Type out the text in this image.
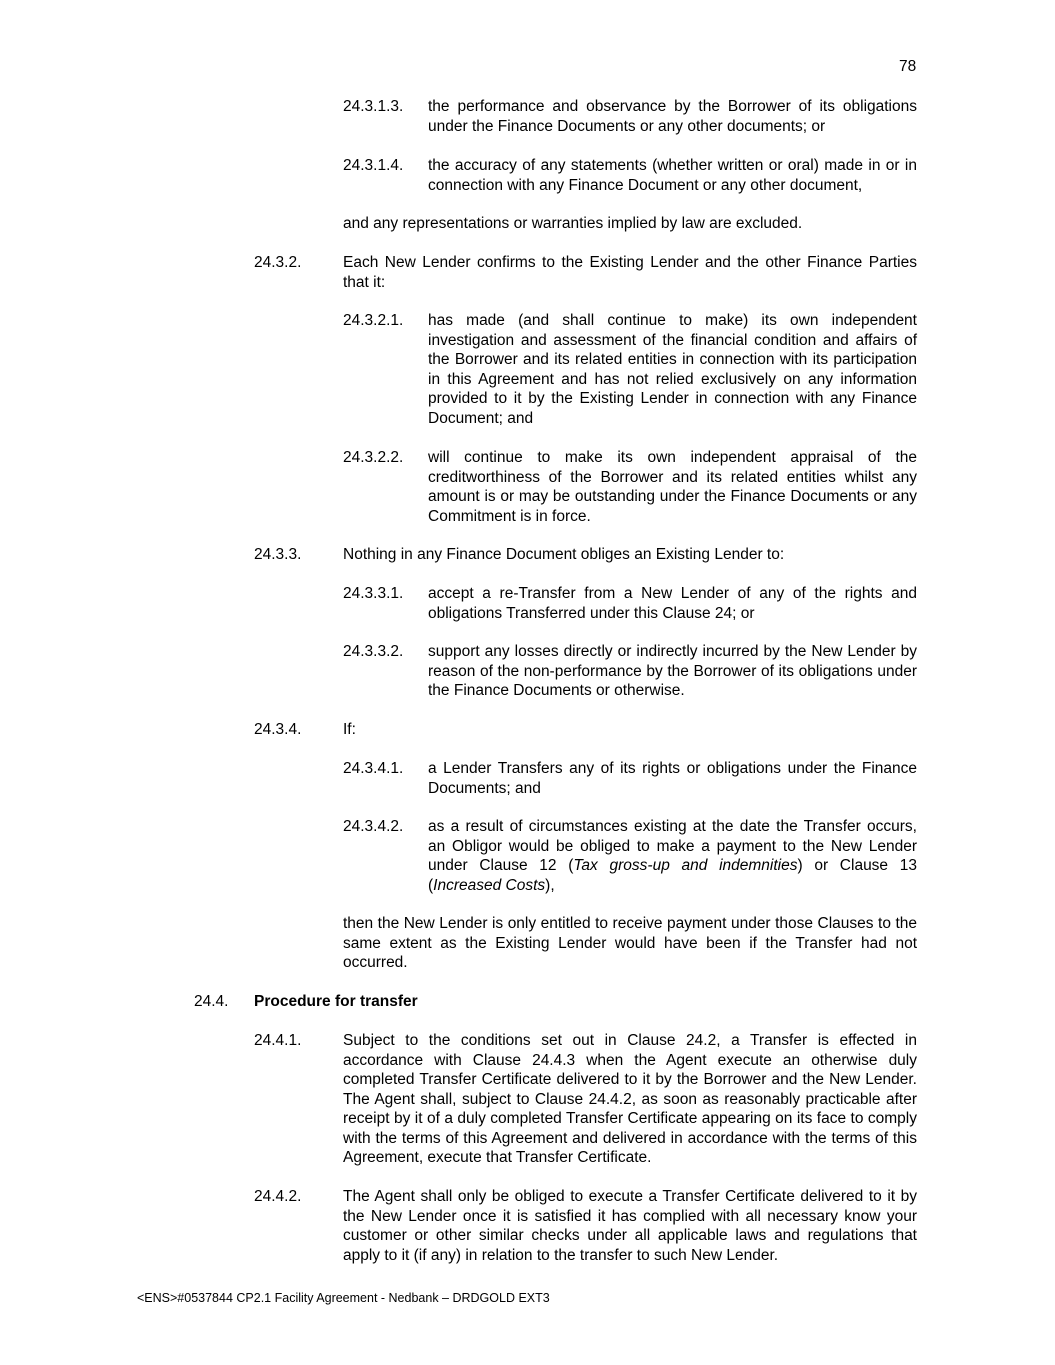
78
24.3.1.3. the performance and observance by the Borrower of its obligations under the Finance Documents or any other documents; or
24.3.1.4. the accuracy of any statements (whether written or oral) made in or in connection with any Finance Document or any other document,
and any representations or warranties implied by law are excluded.
24.3.2.	Each New Lender confirms to the Existing Lender and the other Finance Parties that it:
24.3.2.1. has made (and shall continue to make) its own independent investigation and assessment of the financial condition and affairs of the Borrower and its related entities in connection with its participation in this Agreement and has not relied exclusively on any information provided to it by the Existing Lender in connection with any Finance Document; and
24.3.2.2. will continue to make its own independent appraisal of the creditworthiness of the Borrower and its related entities whilst any amount is or may be outstanding under the Finance Documents or any Commitment is in force.
24.3.3.	Nothing in any Finance Document obliges an Existing Lender to:
24.3.3.1. accept a re-Transfer from a New Lender of any of the rights and obligations Transferred under this Clause 24; or
24.3.3.2. support any losses directly or indirectly incurred by the New Lender by reason of the non-performance by the Borrower of its obligations under the Finance Documents or otherwise.
24.3.4.	If:
24.3.4.1. a Lender Transfers any of its rights or obligations under the Finance Documents; and
24.3.4.2. as a result of circumstances existing at the date the Transfer occurs, an Obligor would be obliged to make a payment to the New Lender under Clause 12 (Tax gross-up and indemnities) or Clause 13 (Increased Costs),
then the New Lender is only entitled to receive payment under those Clauses to the same extent as the Existing Lender would have been if the Transfer had not occurred.
24.4. Procedure for transfer
24.4.1.	Subject to the conditions set out in Clause 24.2, a Transfer is effected in accordance with Clause 24.4.3 when the Agent execute an otherwise duly completed Transfer Certificate delivered to it by the Borrower and the New Lender. The Agent shall, subject to Clause 24.4.2, as soon as reasonably practicable after receipt by it of a duly completed Transfer Certificate appearing on its face to comply with the terms of this Agreement and delivered in accordance with the terms of this Agreement, execute that Transfer Certificate.
24.4.2.	The Agent shall only be obliged to execute a Transfer Certificate delivered to it by the New Lender once it is satisfied it has complied with all necessary know your customer or other similar checks under all applicable laws and regulations that apply to it (if any) in relation to the transfer to such New Lender.
<ENS>#0537844 CP2.1 Facility Agreement - Nedbank – DRDGOLD EXT3
